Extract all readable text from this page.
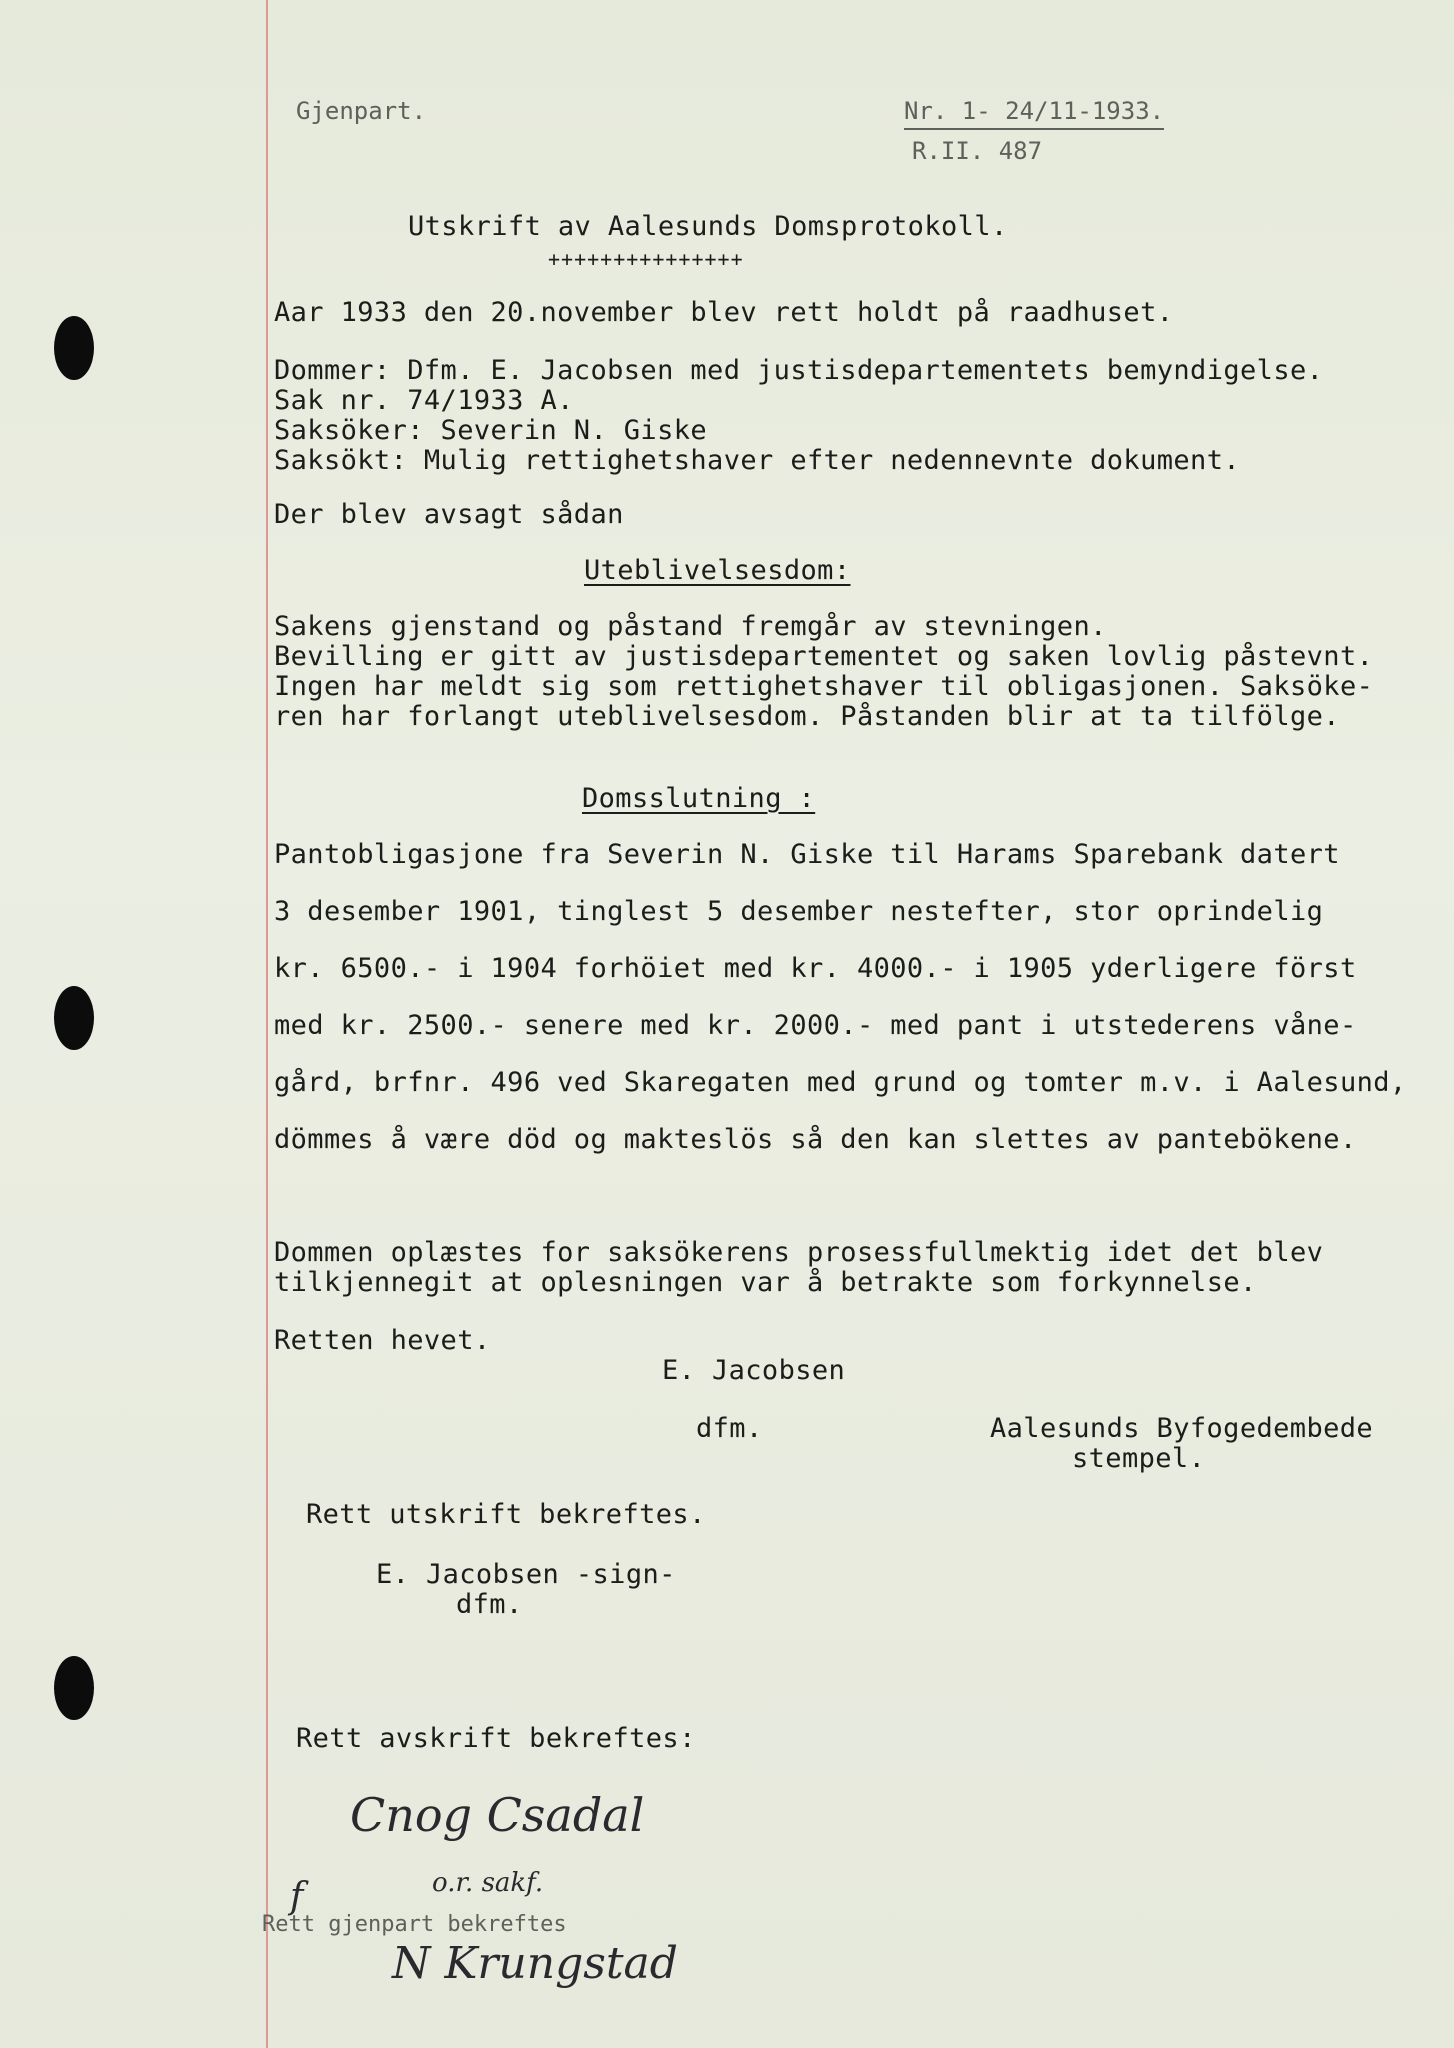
Gjenpart.	Nr. 1- 24/11-1933.
R.II. 487
Utskrift av Aalesunds Domsprotokoll.
+++++++++++++++
Aar 1933 den 20.november blev rett holdt på raadhuset.
Dommer: Dfm. E. Jacobsen med justisdepartementets bemyndigelse.
Sak nr. 74/1933 A.
Saksöker: Severin N. Giske
Saksökt: Mulig rettighetshaver efter nedennevnte dokument.
Der blev avsagt sådan
Uteblivelsesdom:
Sakens gjenstand og påstand fremgår av stevningen.
Bevilling er gitt av justisdepartementet og saken lovlig påstevnt.
Ingen har meldt sig som rettighetshaver til obligasjonen. Saksöke-
ren har forlangt uteblivelsesdom. Påstanden blir at ta tilfölge.
Domsslutning :
Pantobligasjone fra Severin N. Giske til Harams Sparebank datert
3 desember 1901, tinglest 5 desember nestefter, stor oprindelig
kr. 6500.- i 1904 forhöiet med kr. 4000.- i 1905 yderligere först
med kr. 2500.- senere med kr. 2000.- med pant i utstederens våne-
gård, brfnr. 496 ved Skaregaten med grund og tomter m.v. i Aalesund,
dömmes å være död og makteslös så den kan slettes av pantebökene.
Dommen oplæstes for saksökerens prosessfullmektig idet det blev
tilkjennegit at oplesningen var å betrakte som forkynnelse.
Retten hevet.
E. Jacobsen
dfm.	Aalesunds Byfogedembede
stempel.
Rett utskrift bekreftes.
E. Jacobsen -sign-
dfm.
Rett avskrift bekreftes:
Cnog Csadal
o.r. sakf.
f
Rett gjenpart bekreftes
N Krungstad
